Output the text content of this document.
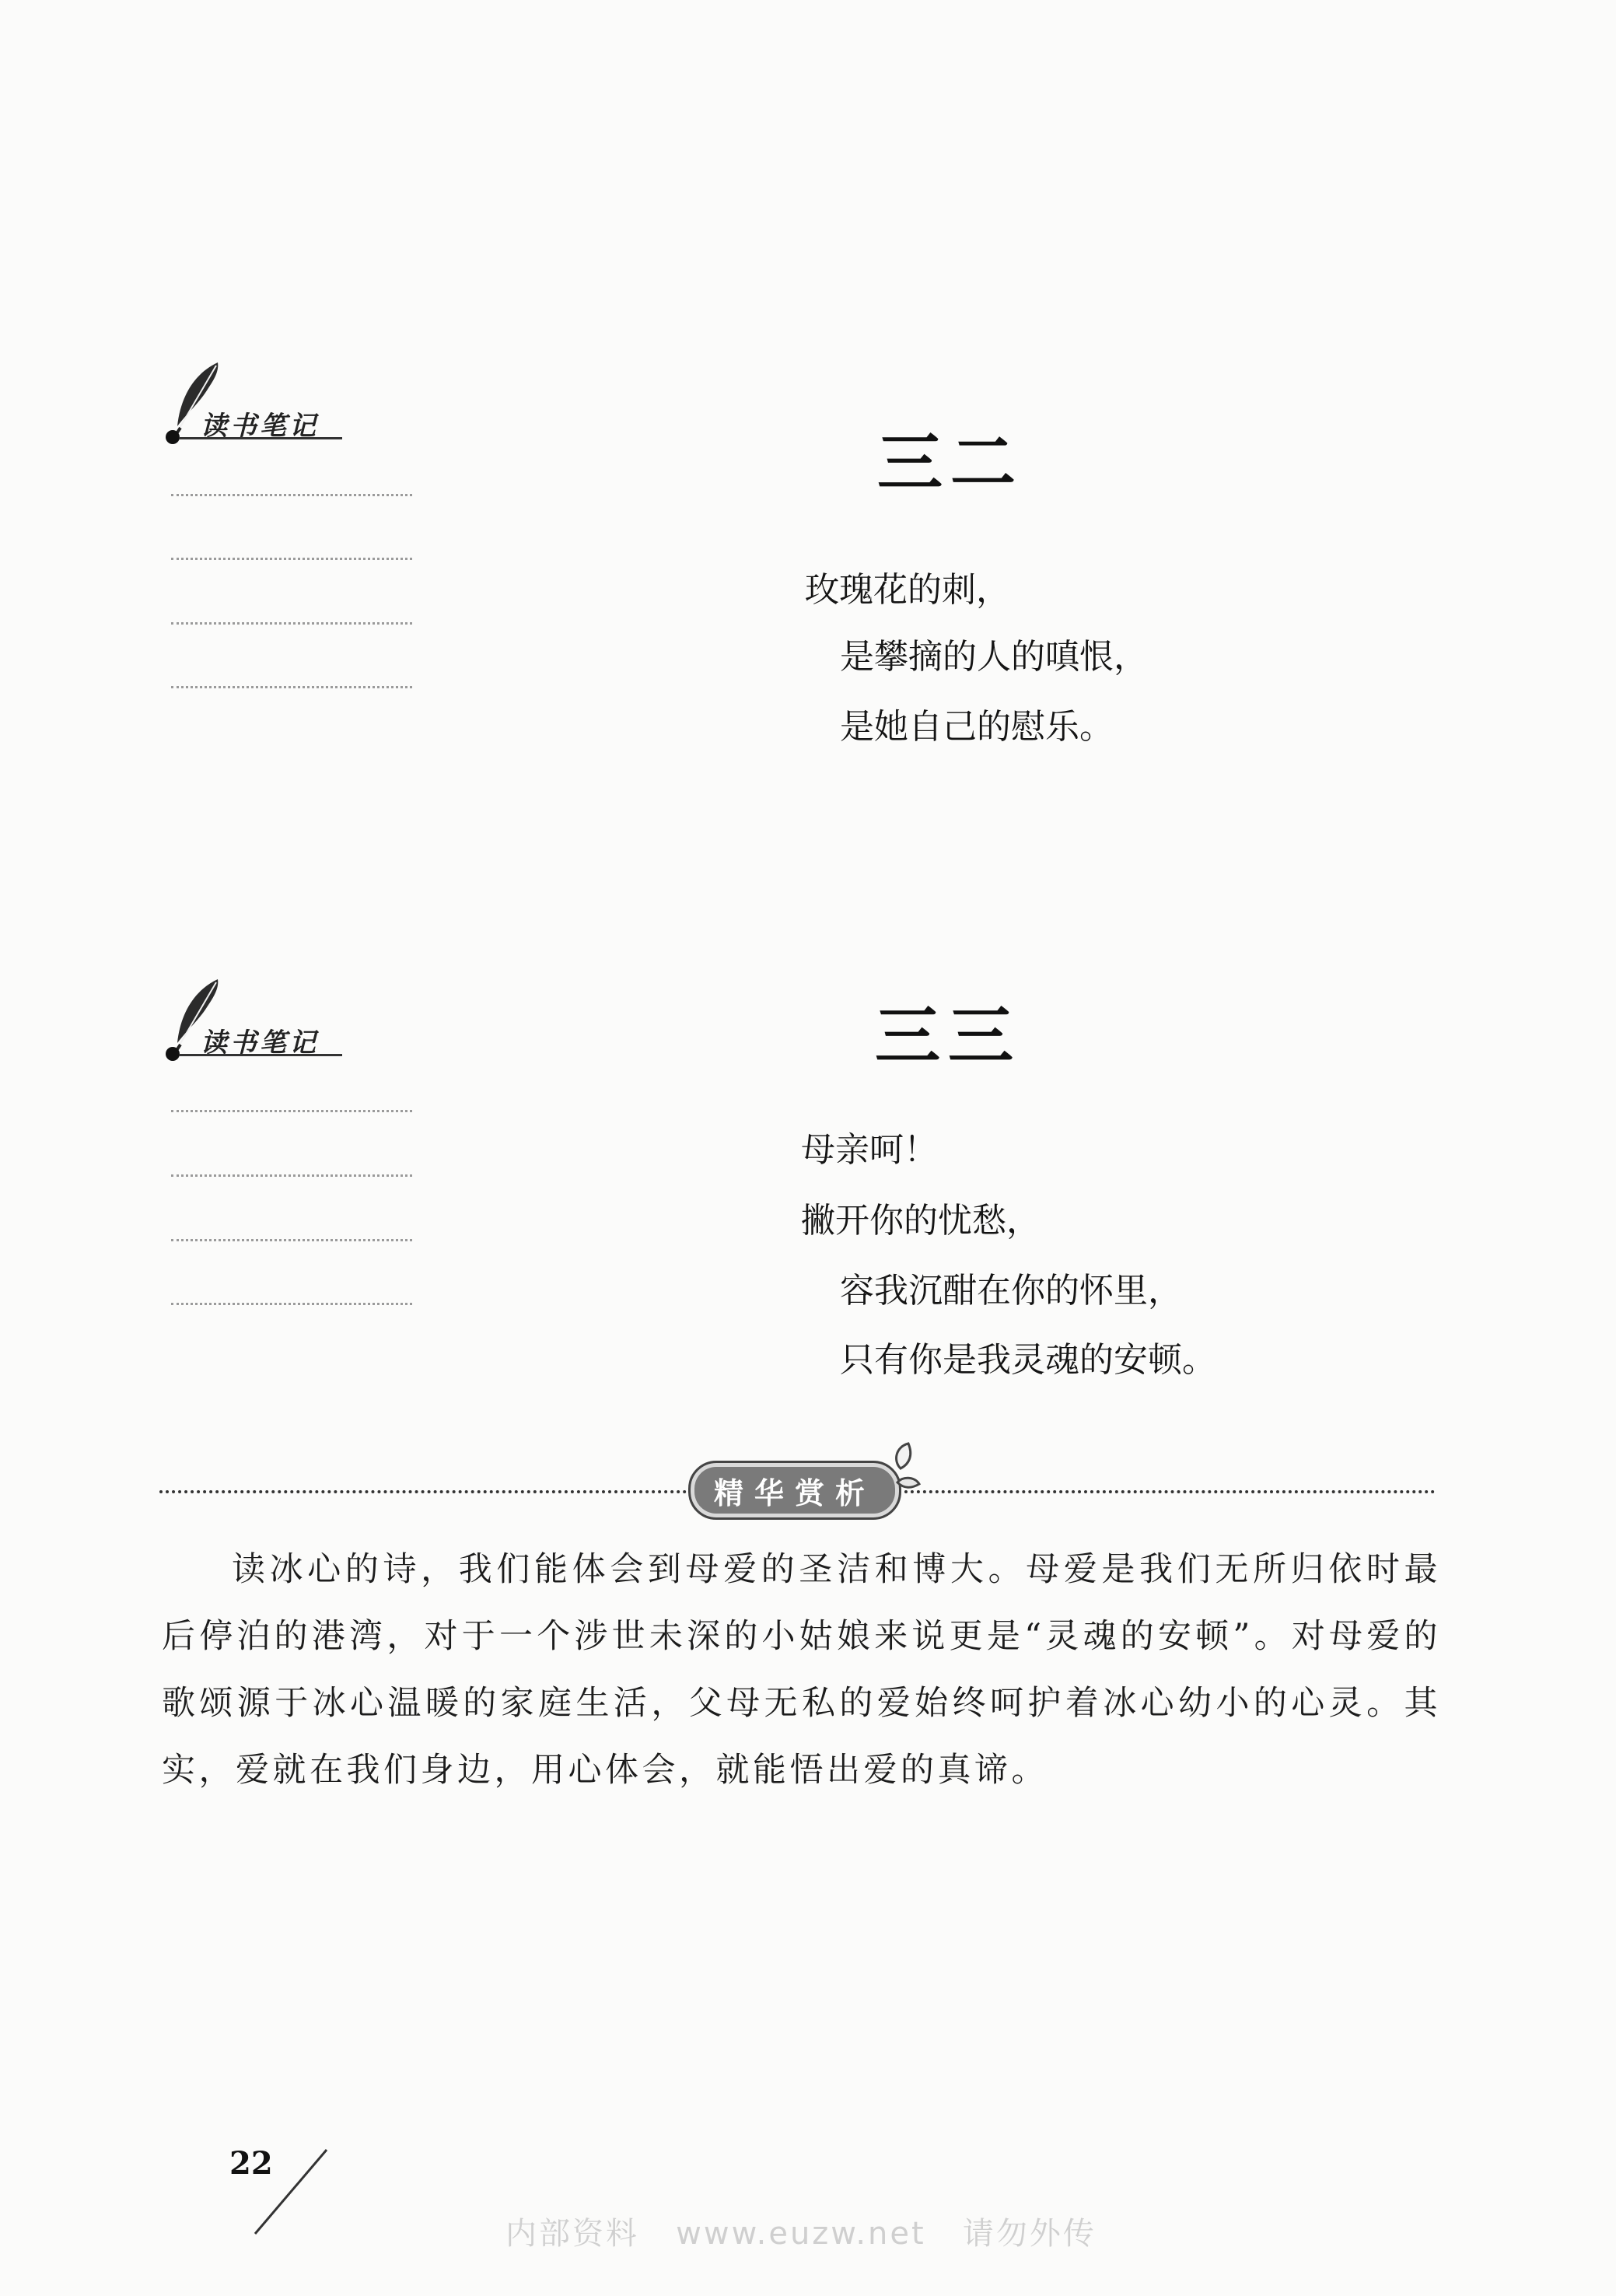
读书笔记	三二
玫瑰花的刺，
是攀摘的人的嗔恨，
是她自己的慰乐。
读书笔记	三三
母亲呵！
撇开你的忧愁，
容我沉酣在你的怀里，
只有你是我灵魂的安顿。
精华赏析
读冰心的诗，我们能体会到母爱的圣洁和博大。母爱是我们无所归依时最后停泊的港湾，对于一个涉世未深的小姑娘来说更是“灵魂的安顿”。对母爱的歌颂源于冰心温暖的家庭生活，父母无私的爱始终呵护着冰心幼小的心灵。其实，爱就在我们身边，用心体会，就能悟出爱的真谛。
22
内部资料   www.euzw.net   请勿外传
